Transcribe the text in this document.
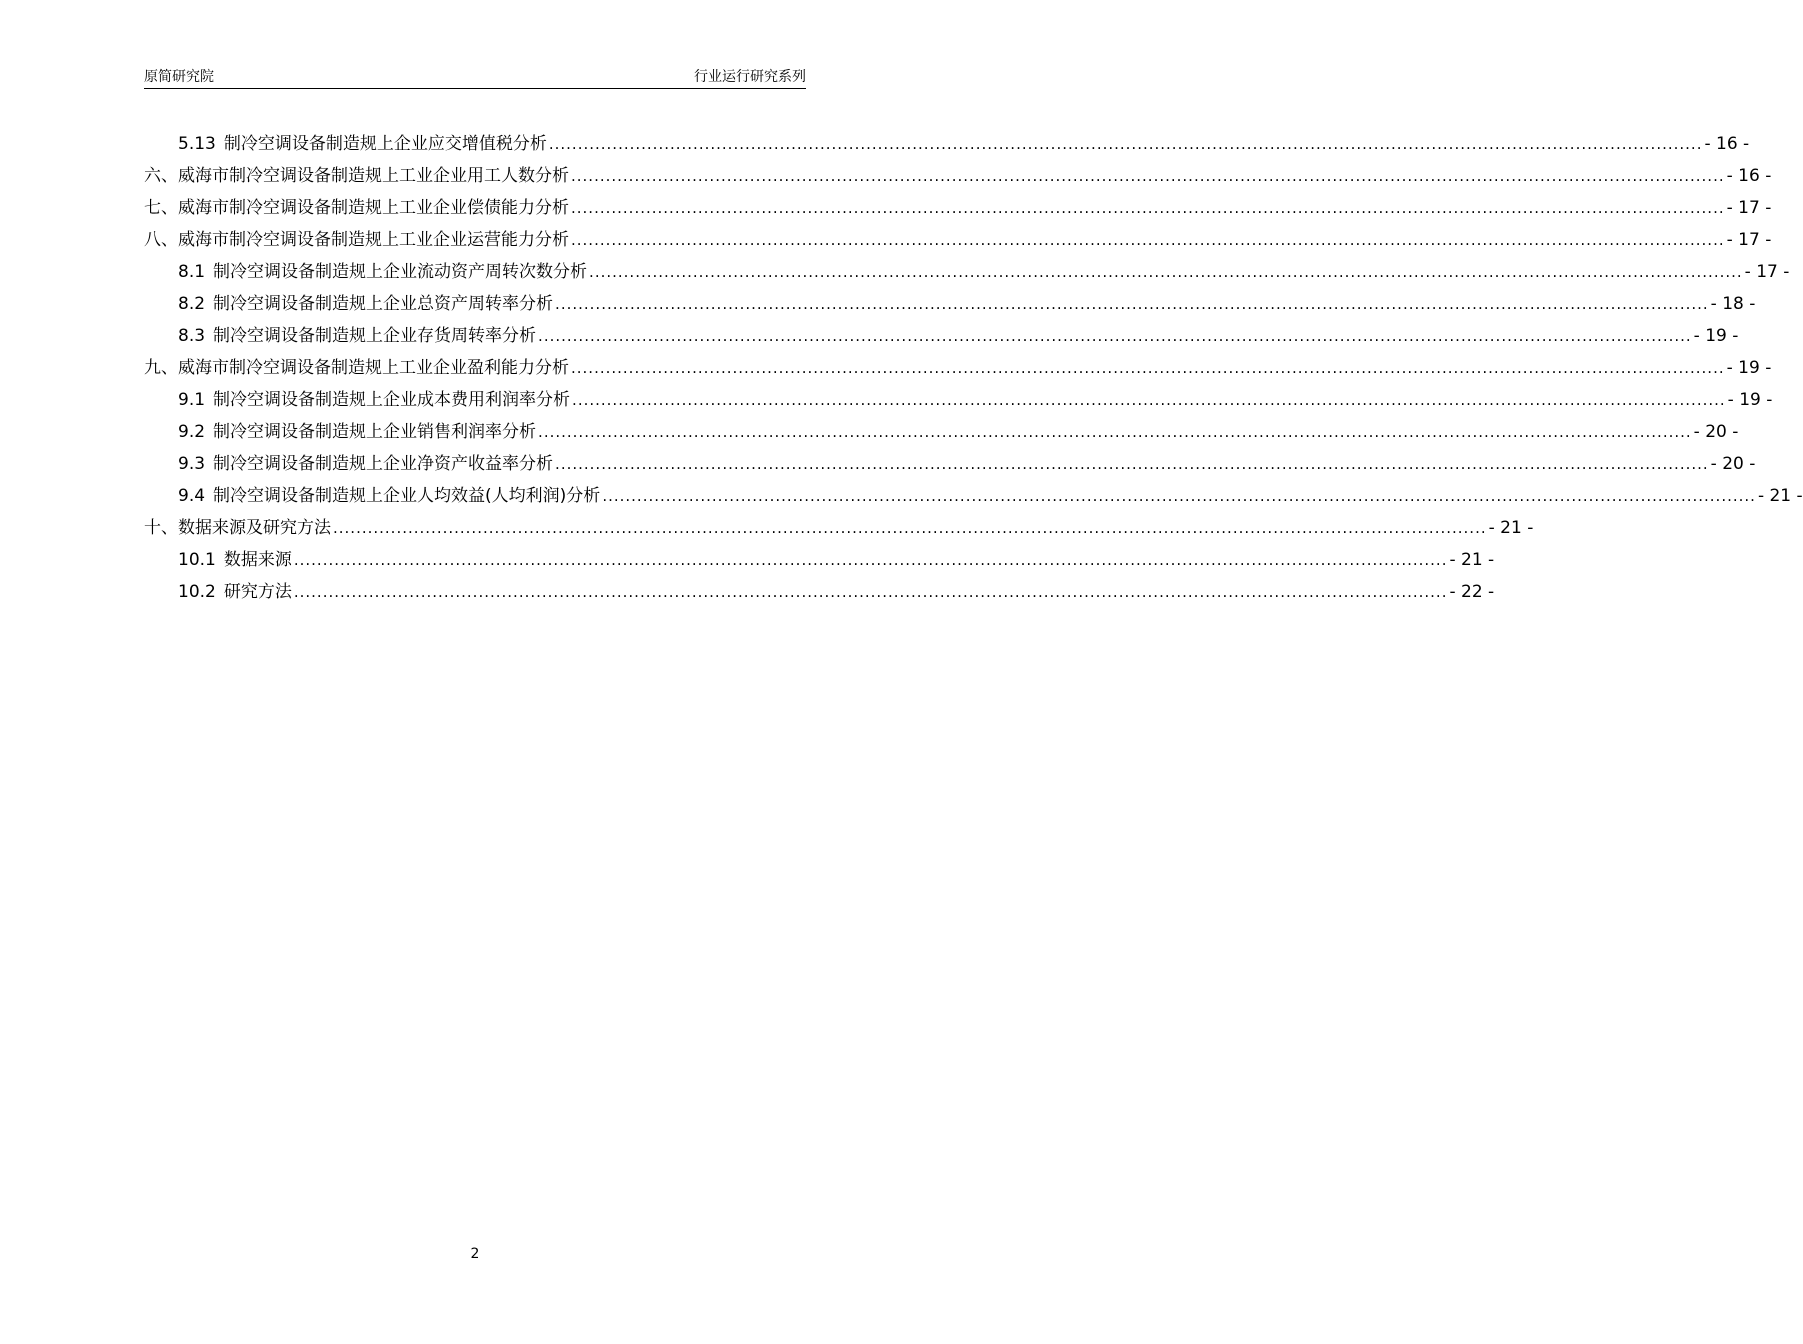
原简研究院	行业运行研究系列
5.13 制冷空调设备制造规上企业应交增值税分析 ........................................................................................................................................................................................................ - 16 -
六、 威海市制冷空调设备制造规上工业企业用工人数分析 ........................................................................................................................................................................................................ - 16 -
七、 威海市制冷空调设备制造规上工业企业偿债能力分析 ........................................................................................................................................................................................................ - 17 -
八、 威海市制冷空调设备制造规上工业企业运营能力分析 ........................................................................................................................................................................................................ - 17 -
8.1 制冷空调设备制造规上企业流动资产周转次数分析 ........................................................................................................................................................................................................ - 17 -
8.2 制冷空调设备制造规上企业总资产周转率分析 ........................................................................................................................................................................................................ - 18 -
8.3 制冷空调设备制造规上企业存货周转率分析 ........................................................................................................................................................................................................ - 19 -
九、 威海市制冷空调设备制造规上工业企业盈利能力分析 ........................................................................................................................................................................................................ - 19 -
9.1 制冷空调设备制造规上企业成本费用利润率分析 ........................................................................................................................................................................................................ - 19 -
9.2 制冷空调设备制造规上企业销售利润率分析 ........................................................................................................................................................................................................ - 20 -
9.3 制冷空调设备制造规上企业净资产收益率分析 ........................................................................................................................................................................................................ - 20 -
9.4 制冷空调设备制造规上企业人均效益(人均利润)分析 ........................................................................................................................................................................................................ - 21 -
十、 数据来源及研究方法 ........................................................................................................................................................................................................ - 21 -
10.1 数据来源 ........................................................................................................................................................................................................ - 21 -
10.2 研究方法 ........................................................................................................................................................................................................ - 22 -
2
